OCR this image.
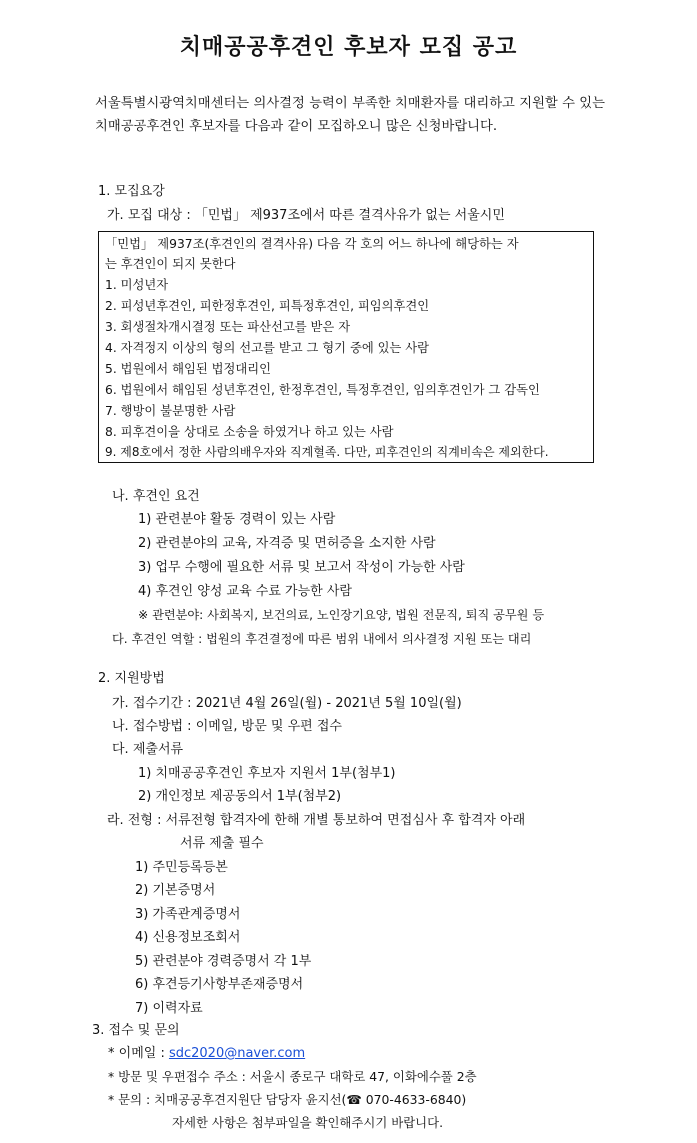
치매공공후견인 후보자 모집 공고
서울특별시광역치매센터는 의사결정 능력이 부족한 치매환자를 대리하고 지원할 수 있는 치매공공후견인 후보자를 다음과 같이 모집하오니 많은 신청바랍니다.
1. 모집요강
가. 모집 대상 : 「민법」 제937조에서 따른 결격사유가 없는 서울시민
「민법」 제937조(후견인의 결격사유) 다음 각 호의 어느 하나에 해당하는 자
는 후견인이 되지 못한다
1. 미성년자
2. 피성년후견인, 피한정후견인, 피특정후견인, 피임의후견인
3. 회생절차개시결정 또는 파산선고를 받은 자
4. 자격정지 이상의 형의 선고를 받고 그 형기 중에 있는 사람
5. 법원에서 해임된 법정대리인
6. 법원에서 해임된 성년후견인, 한정후견인, 특정후견인, 임의후견인가 그 감독인
7. 행방이 불분명한 사람
8. 피후견이을 상대로 소송을 하였거나 하고 있는 사람
9. 제8호에서 정한 사람의배우자와 직계혈족. 다만, 피후견인의 직계비속은 제외한다.
나. 후견인 요건
1) 관련분야 활동 경력이 있는 사람
2) 관련분야의 교육, 자격증 및 면허증을 소지한 사람
3) 업무 수행에 필요한 서류 및 보고서 작성이 가능한 사람
4) 후견인 양성 교육 수료 가능한 사람
※ 관련분야: 사회복지, 보건의료, 노인장기요양, 법원 전문직, 퇴직 공무원 등
다. 후견인 역할 : 법원의 후견결정에 따른 범위 내에서 의사결정 지원 또는 대리
2. 지원방법
가. 접수기간 : 2021년 4월 26일(월) - 2021년 5월 10일(월)
나. 접수방법 : 이메일, 방문 및 우편 접수
다. 제출서류
1) 치매공공후견인 후보자 지원서 1부(첨부1)
2) 개인정보 제공동의서 1부(첨부2)
라. 전형 : 서류전형 합격자에 한해 개별 통보하여 면접심사 후 합격자 아래
서류 제출 필수
1) 주민등록등본
2) 기본증명서
3) 가족관계증명서
4) 신용정보조회서
5) 관련분야 경력증명서 각 1부
6) 후견등기사항부존재증명서
7) 이력자료
3. 접수 및 문의
* 이메일 : sdc2020@naver.com
* 방문 및 우편접수 주소 : 서울시 종로구 대학로 47, 이화에수풀 2층
* 문의 : 치매공공후견지원단 담당자 윤지선(☎ 070-4633-6840)
자세한 사항은 첨부파일을 확인해주시기 바랍니다.
